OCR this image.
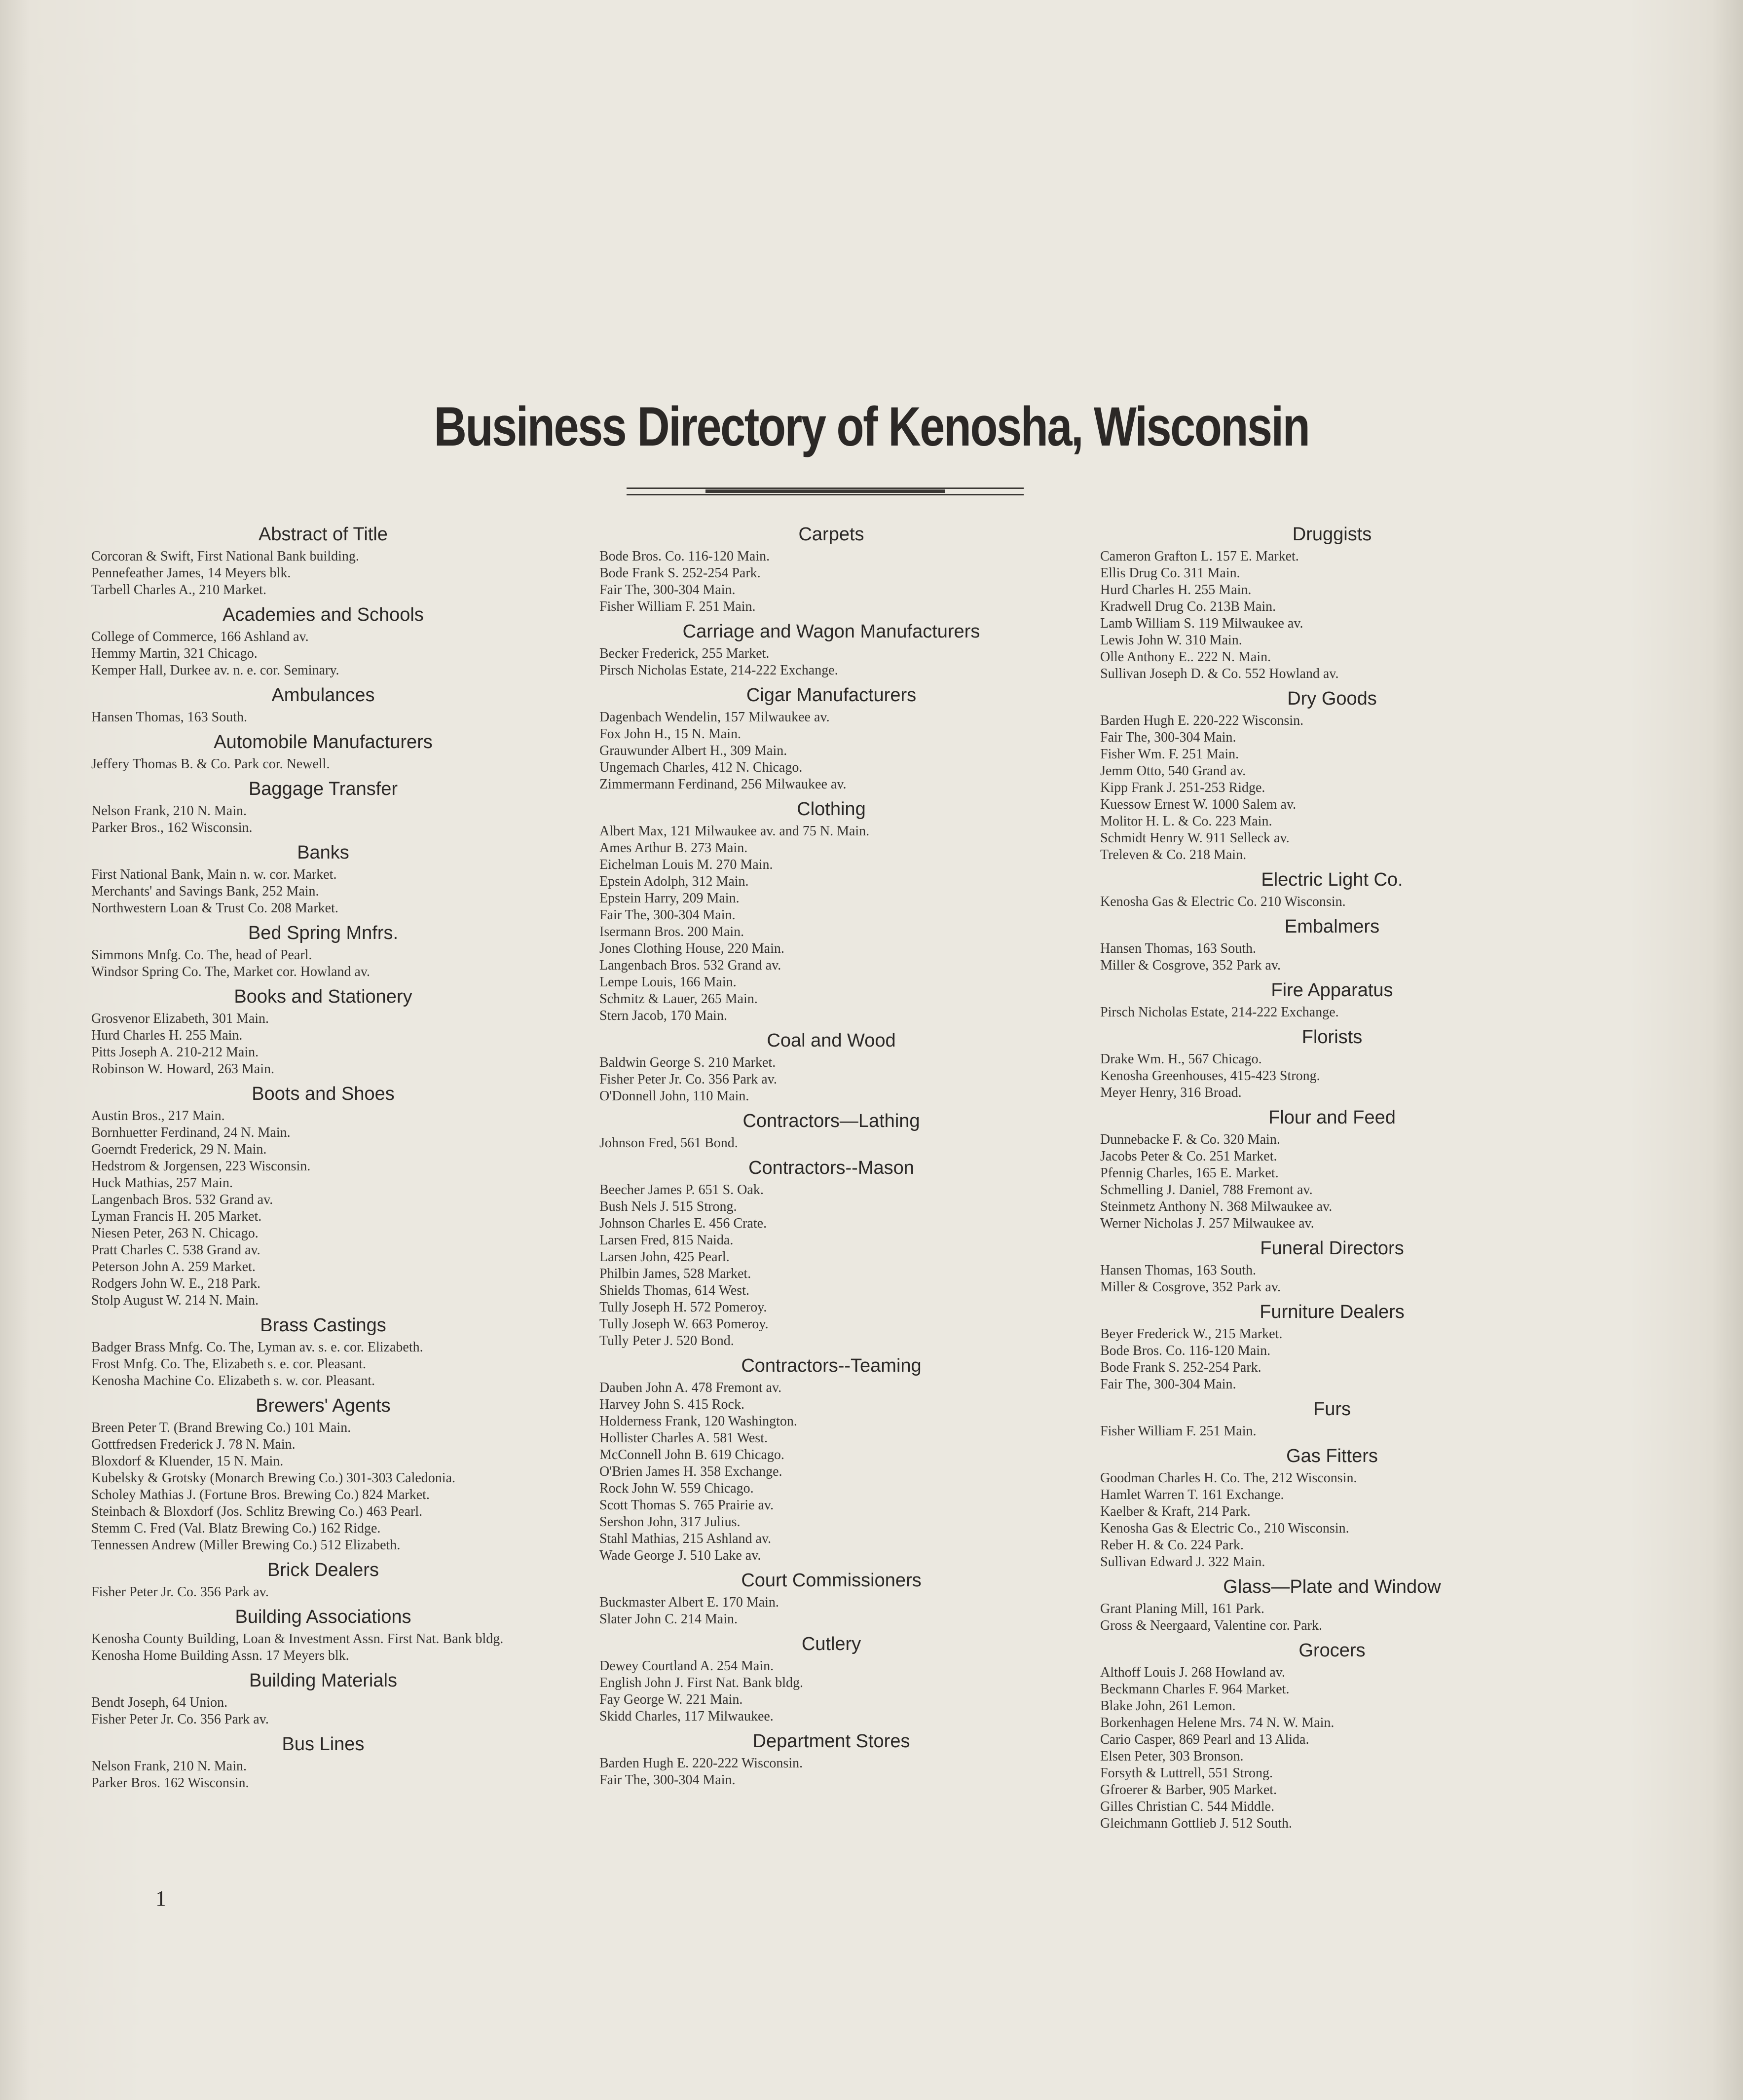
Business Directory of Kenosha, Wisconsin
Abstract of Title
Corcoran & Swift, First National Bank building.
Pennefeather James, 14 Meyers blk.
Tarbell Charles A., 210 Market.
Academies and Schools
College of Commerce, 166 Ashland av.
Hemmy Martin, 321 Chicago.
Kemper Hall, Durkee av. n. e. cor. Seminary.
Ambulances
Hansen Thomas, 163 South.
Automobile Manufacturers
Jeffery Thomas B. & Co. Park cor. Newell.
Baggage Transfer
Nelson Frank, 210 N. Main.
Parker Bros., 162 Wisconsin.
Banks
First National Bank, Main n. w. cor. Market.
Merchants' and Savings Bank, 252 Main.
Northwestern Loan & Trust Co. 208 Market.
Bed Spring Mnfrs.
Simmons Mnfg. Co. The, head of Pearl.
Windsor Spring Co. The, Market cor. Howland av.
Books and Stationery
Grosvenor Elizabeth, 301 Main.
Hurd Charles H. 255 Main.
Pitts Joseph A. 210-212 Main.
Robinson W. Howard, 263 Main.
Boots and Shoes
Austin Bros., 217 Main.
Bornhuetter Ferdinand, 24 N. Main.
Goerndt Frederick, 29 N. Main.
Hedstrom & Jorgensen, 223 Wisconsin.
Huck Mathias, 257 Main.
Langenbach Bros. 532 Grand av.
Lyman Francis H. 205 Market.
Niesen Peter, 263 N. Chicago.
Pratt Charles C. 538 Grand av.
Peterson John A. 259 Market.
Rodgers John W. E., 218 Park.
Stolp August W. 214 N. Main.
Brass Castings
Badger Brass Mnfg. Co. The, Lyman av. s. e. cor. Elizabeth.
Frost Mnfg. Co. The, Elizabeth s. e. cor. Pleasant.
Kenosha Machine Co. Elizabeth s. w. cor. Pleasant.
Brewers' Agents
Breen Peter T. (Brand Brewing Co.) 101 Main.
Gottfredsen Frederick J. 78 N. Main.
Bloxdorf & Kluender, 15 N. Main.
Kubelsky & Grotsky (Monarch Brewing Co.) 301-303 Caledonia.
Scholey Mathias J. (Fortune Bros. Brewing Co.) 824 Market.
Steinbach & Bloxdorf (Jos. Schlitz Brewing Co.) 463 Pearl.
Stemm C. Fred (Val. Blatz Brewing Co.) 162 Ridge.
Tennessen Andrew (Miller Brewing Co.) 512 Elizabeth.
Brick Dealers
Fisher Peter Jr. Co. 356 Park av.
Building Associations
Kenosha County Building, Loan & Investment Assn. First Nat. Bank bldg.
Kenosha Home Building Assn. 17 Meyers blk.
Building Materials
Bendt Joseph, 64 Union.
Fisher Peter Jr. Co. 356 Park av.
Bus Lines
Nelson Frank, 210 N. Main.
Parker Bros. 162 Wisconsin.
Carpets
Bode Bros. Co. 116-120 Main.
Bode Frank S. 252-254 Park.
Fair The, 300-304 Main.
Fisher William F. 251 Main.
Carriage and Wagon Manufacturers
Becker Frederick, 255 Market.
Pirsch Nicholas Estate, 214-222 Exchange.
Cigar Manufacturers
Dagenbach Wendelin, 157 Milwaukee av.
Fox John H., 15 N. Main.
Grauwunder Albert H., 309 Main.
Ungemach Charles, 412 N. Chicago.
Zimmermann Ferdinand, 256 Milwaukee av.
Clothing
Albert Max, 121 Milwaukee av. and 75 N. Main.
Ames Arthur B. 273 Main.
Eichelman Louis M. 270 Main.
Epstein Adolph, 312 Main.
Epstein Harry, 209 Main.
Fair The, 300-304 Main.
Isermann Bros. 200 Main.
Jones Clothing House, 220 Main.
Langenbach Bros. 532 Grand av.
Lempe Louis, 166 Main.
Schmitz & Lauer, 265 Main.
Stern Jacob, 170 Main.
Coal and Wood
Baldwin George S. 210 Market.
Fisher Peter Jr. Co. 356 Park av.
O'Donnell John, 110 Main.
Contractors—Lathing
Johnson Fred, 561 Bond.
Contractors--Mason
Beecher James P. 651 S. Oak.
Bush Nels J. 515 Strong.
Johnson Charles E. 456 Crate.
Larsen Fred, 815 Naida.
Larsen John, 425 Pearl.
Philbin James, 528 Market.
Shields Thomas, 614 West.
Tully Joseph H. 572 Pomeroy.
Tully Joseph W. 663 Pomeroy.
Tully Peter J. 520 Bond.
Contractors--Teaming
Dauben John A. 478 Fremont av.
Harvey John S. 415 Rock.
Holderness Frank, 120 Washington.
Hollister Charles A. 581 West.
McConnell John B. 619 Chicago.
O'Brien James H. 358 Exchange.
Rock John W. 559 Chicago.
Scott Thomas S. 765 Prairie av.
Sershon John, 317 Julius.
Stahl Mathias, 215 Ashland av.
Wade George J. 510 Lake av.
Court Commissioners
Buckmaster Albert E. 170 Main.
Slater John C. 214 Main.
Cutlery
Dewey Courtland A. 254 Main.
English John J. First Nat. Bank bldg.
Fay George W. 221 Main.
Skidd Charles, 117 Milwaukee.
Department Stores
Barden Hugh E. 220-222 Wisconsin.
Fair The, 300-304 Main.
Druggists
Cameron Grafton L. 157 E. Market.
Ellis Drug Co. 311 Main.
Hurd Charles H. 255 Main.
Kradwell Drug Co. 213B Main.
Lamb William S. 119 Milwaukee av.
Lewis John W. 310 Main.
Olle Anthony E.. 222 N. Main.
Sullivan Joseph D. & Co. 552 Howland av.
Dry Goods
Barden Hugh E. 220-222 Wisconsin.
Fair The, 300-304 Main.
Fisher Wm. F. 251 Main.
Jemm Otto, 540 Grand av.
Kipp Frank J. 251-253 Ridge.
Kuessow Ernest W. 1000 Salem av.
Molitor H. L. & Co. 223 Main.
Schmidt Henry W. 911 Selleck av.
Treleven & Co. 218 Main.
Electric Light Co.
Kenosha Gas & Electric Co. 210 Wisconsin.
Embalmers
Hansen Thomas, 163 South.
Miller & Cosgrove, 352 Park av.
Fire Apparatus
Pirsch Nicholas Estate, 214-222 Exchange.
Florists
Drake Wm. H., 567 Chicago.
Kenosha Greenhouses, 415-423 Strong.
Meyer Henry, 316 Broad.
Flour and Feed
Dunnebacke F. & Co. 320 Main.
Jacobs Peter & Co. 251 Market.
Pfennig Charles, 165 E. Market.
Schmelling J. Daniel, 788 Fremont av.
Steinmetz Anthony N. 368 Milwaukee av.
Werner Nicholas J. 257 Milwaukee av.
Funeral Directors
Hansen Thomas, 163 South.
Miller & Cosgrove, 352 Park av.
Furniture Dealers
Beyer Frederick W., 215 Market.
Bode Bros. Co. 116-120 Main.
Bode Frank S. 252-254 Park.
Fair The, 300-304 Main.
Furs
Fisher William F. 251 Main.
Gas Fitters
Goodman Charles H. Co. The, 212 Wisconsin.
Hamlet Warren T. 161 Exchange.
Kaelber & Kraft, 214 Park.
Kenosha Gas & Electric Co., 210 Wisconsin.
Reber H. & Co. 224 Park.
Sullivan Edward J. 322 Main.
Glass—Plate and Window
Grant Planing Mill, 161 Park.
Gross & Neergaard, Valentine cor. Park.
Grocers
Althoff Louis J. 268 Howland av.
Beckmann Charles F. 964 Market.
Blake John, 261 Lemon.
Borkenhagen Helene Mrs. 74 N. W. Main.
Cario Casper, 869 Pearl and 13 Alida.
Elsen Peter, 303 Bronson.
Forsyth & Luttrell, 551 Strong.
Gfroerer & Barber, 905 Market.
Gilles Christian C. 544 Middle.
Gleichmann Gottlieb J. 512 South.
1
